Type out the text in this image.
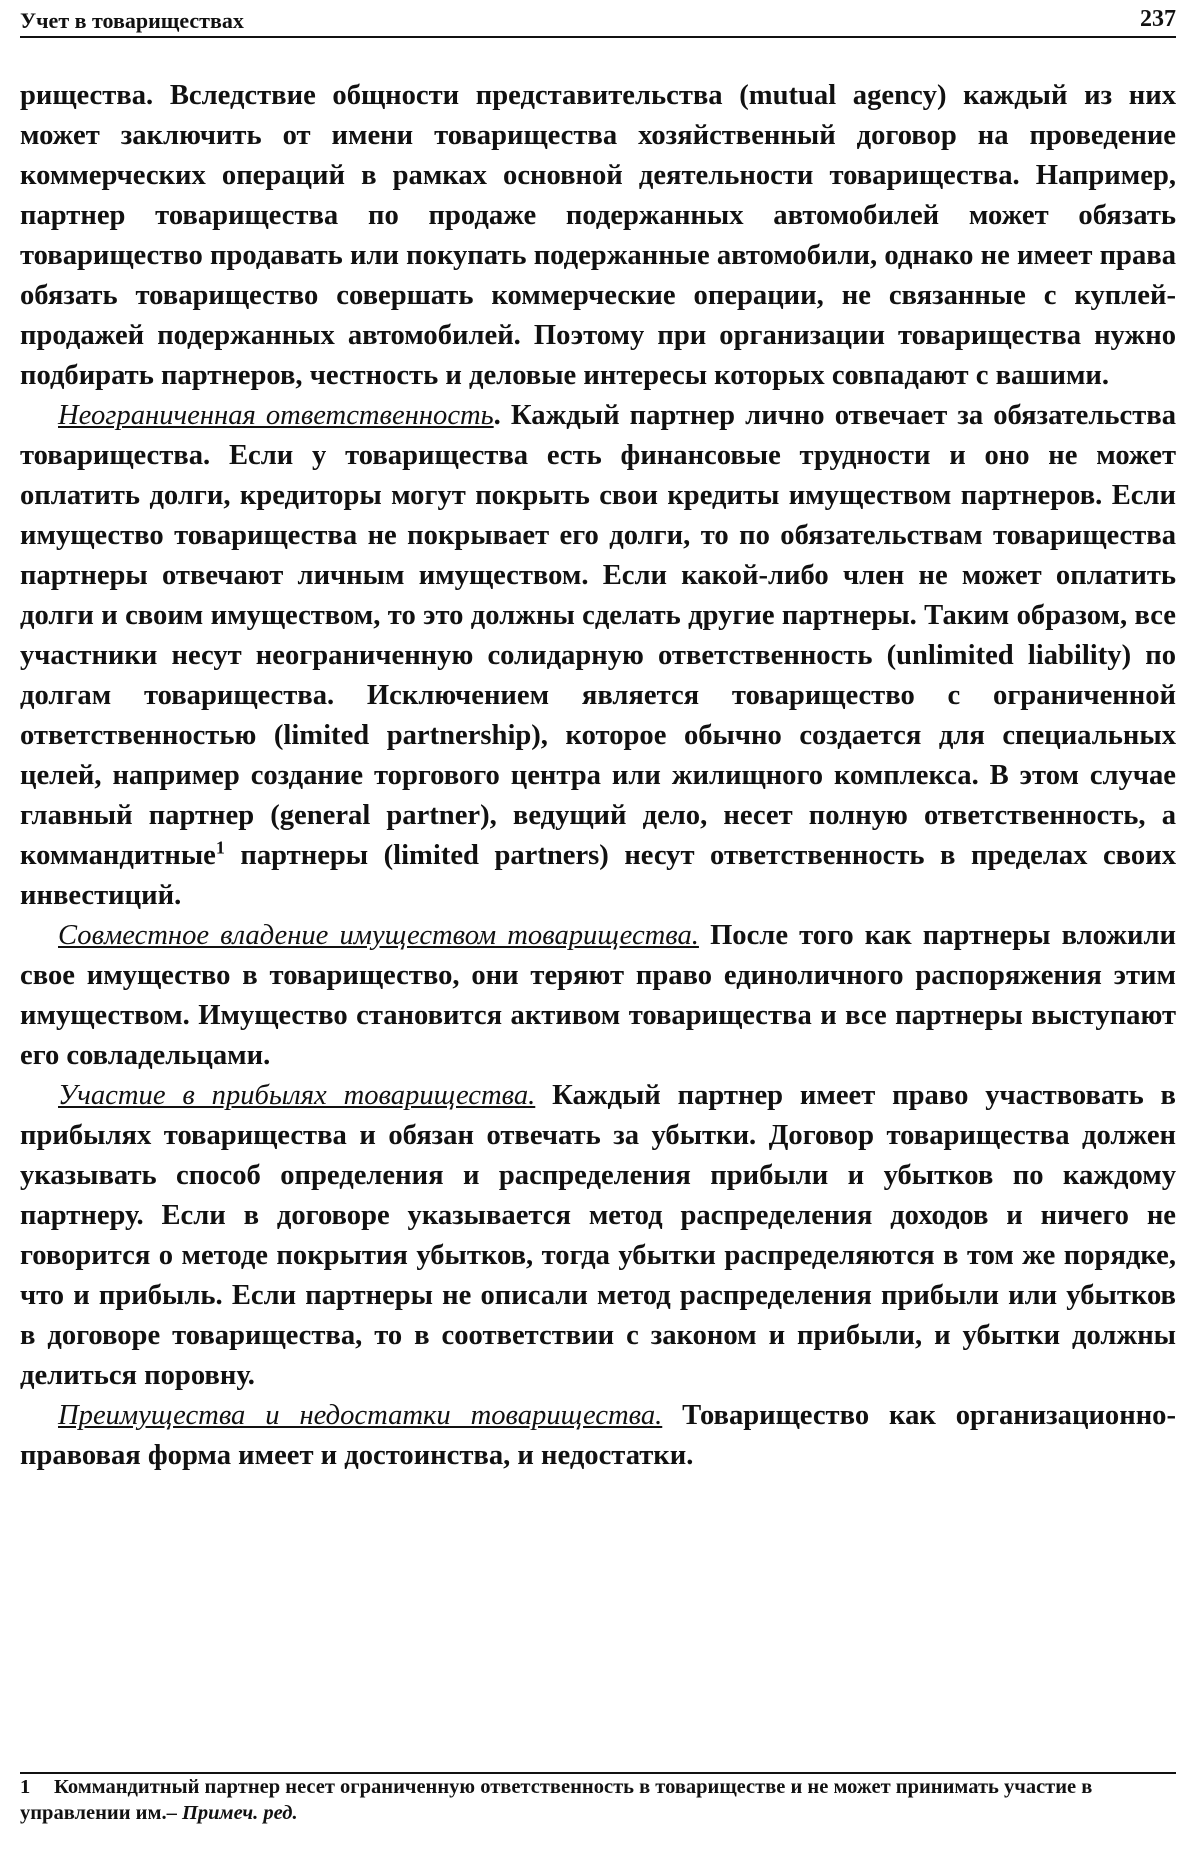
Учет в товариществах	237

рищества. Вследствие общности представительства (mutual agency) каждый из них может заключить от имени товарищества хозяйственный договор на проведение коммерческих операций в рамках основной деятельности товарищества. Например, партнер товарищества по продаже подержанных автомобилей может обязать товарищество продавать или покупать подержанные автомобили, однако не имеет права обязать товарищество совершать коммерческие операции, не связанные с куплей-продажей подержанных автомобилей. Поэтому при организации товарищества нужно подбирать партнеров, честность и деловые интересы которых совпадают с вашими.

Неограниченная ответственность. Каждый партнер лично отвечает за обязательства товарищества. Если у товарищества есть финансовые трудности и оно не может оплатить долги, кредиторы могут покрыть свои кредиты имуществом партнеров. Если имущество товарищества не покрывает его долги, то по обязательствам товарищества партнеры отвечают личным имуществом. Если какой-либо член не может оплатить долги и своим имуществом, то это должны сделать другие партнеры. Таким образом, все участники несут неограниченную солидарную ответственность (unlimited liability) по долгам товарищества. Исключением является товарищество с ограниченной ответственностью (limited partnership), которое обычно создается для специальных целей, например создание торгового центра или жилищного комплекса. В этом случае главный партнер (general partner), ведущий дело, несет полную ответственность, а коммандитные$^1$ партнеры (limited partners) несут ответственность в пределах своих инвестиций.

Совместное владение имуществом товарищества. После того как партнеры вложили свое имущество в товарищество, они теряют право единоличного распоряжения этим имуществом. Имущество становится активом товарищества и все партнеры выступают его совладельцами.

Участие в прибылях товарищества. Каждый партнер имеет право участвовать в прибылях товарищества и обязан отвечать за убытки. Договор товарищества должен указывать способ определения и распределения прибыли и убытков по каждому партнеру. Если в договоре указывается метод распределения доходов и ничего не говорится о методе покрытия убытков, тогда убытки распределяются в том же порядке, что и прибыль. Если партнеры не описали метод распределения прибыли или убытков в договоре товарищества, то в соответствии с законом и прибыли, и убытки должны делиться поровну.

Преимущества и недостатки товарищества. Товарищество как организационно-правовая форма имеет и достоинства, и недостатки.

1 Коммандитный партнер несет ограниченную ответственность в товариществе и не может принимать участие в управлении им.– Примеч. ред.
